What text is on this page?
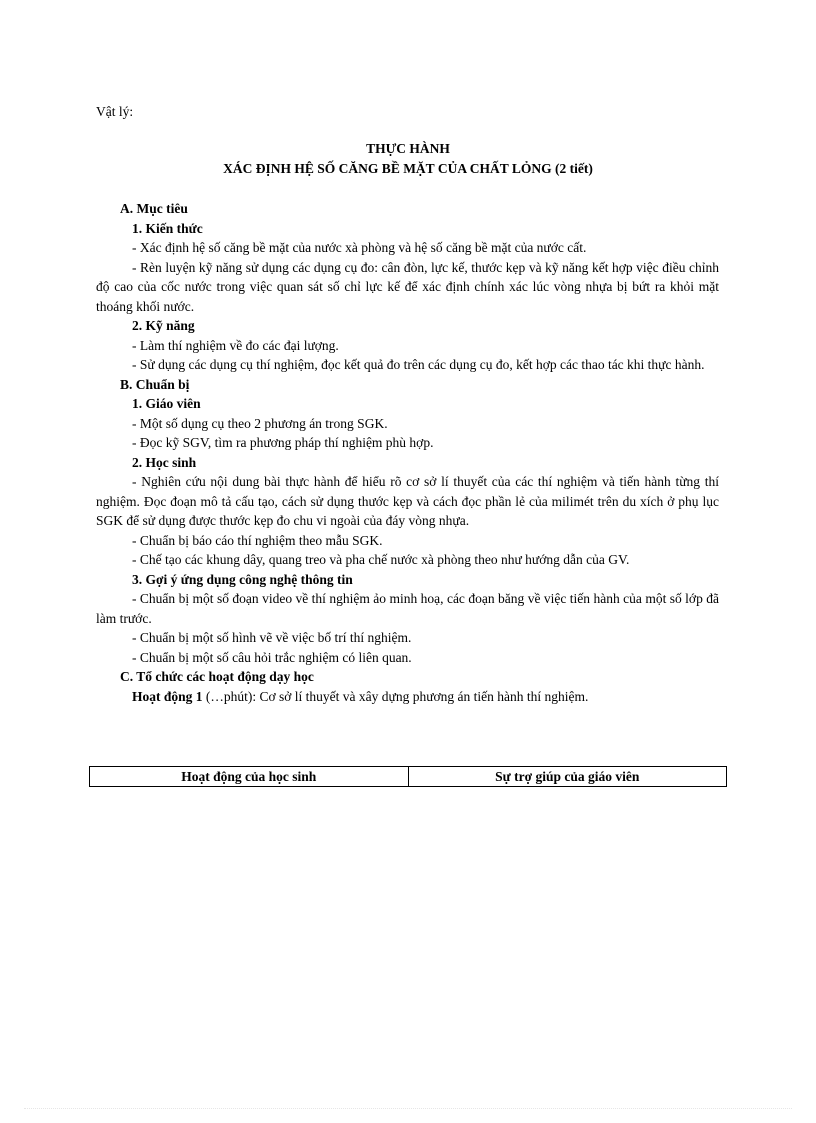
Vật lý:
THỰC HÀNH
XÁC ĐỊNH HỆ SỐ CĂNG BỀ MẶT CỦA CHẤT LỎNG (2 tiết)
A. Mục tiêu
1. Kiến thức
- Xác định hệ số căng bề mặt của nước xà phòng và hệ số căng bề mặt của nước cất.
- Rèn luyện kỹ năng sử dụng các dụng cụ đo: cân đòn, lực kế, thước kẹp và kỹ năng kết hợp việc điều chỉnh độ cao của cốc nước trong việc quan sát số chỉ lực kế để xác định chính xác lúc vòng nhựa bị bứt ra khỏi mặt thoáng khối nước.
2. Kỹ năng
- Làm thí nghiệm về đo các đại lượng.
- Sử dụng các dụng cụ thí nghiệm, đọc kết quả đo trên các dụng cụ đo, kết hợp các thao tác khi thực hành.
B. Chuẩn bị
1. Giáo viên
- Một số dụng cụ theo 2 phương án trong SGK.
- Đọc kỹ SGV, tìm ra phương pháp thí nghiệm phù hợp.
2. Học sinh
- Nghiên cứu nội dung bài thực hành để hiểu rõ cơ sở lí thuyết của các thí nghiệm và tiến hành từng thí nghiệm. Đọc đoạn mô tả cấu tạo, cách sử dụng thước kẹp và cách đọc phần lẻ của milimét trên du xích ở phụ lục SGK để sử dụng được thước kẹp đo chu vi ngoài của đáy vòng nhựa.
- Chuẩn bị báo cáo thí nghiệm theo mẫu SGK.
- Chế tạo các khung dây, quang treo và pha chế nước xà phòng theo như hướng dẫn của GV.
3. Gợi ý ứng dụng công nghệ thông tin
- Chuẩn bị một số đoạn video về thí nghiệm ảo minh hoạ, các đoạn băng về việc tiến hành của một số lớp đã làm trước.
- Chuẩn bị một số hình vẽ về việc bố trí thí nghiệm.
- Chuẩn bị một số câu hỏi trắc nghiệm có liên quan.
C. Tổ chức các hoạt động dạy học
Hoạt động 1 (…phút): Cơ sở lí thuyết và xây dựng phương án tiến hành thí nghiệm.
Hoạt động của học sinh	Sự trợ giúp của giáo viên
